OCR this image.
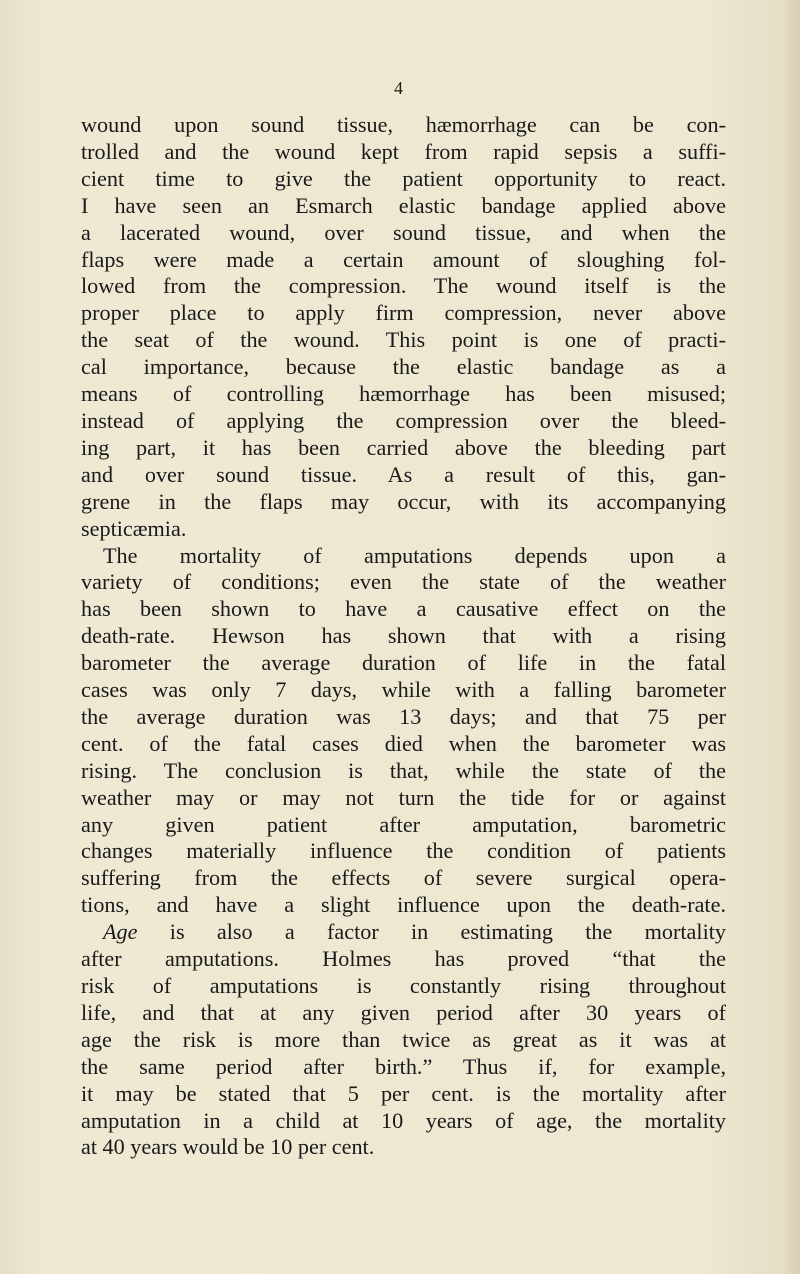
4

wound upon sound tissue, hæmorrhage can be con-
trolled and the wound kept from rapid sepsis a suffi-
cient time to give the patient opportunity to react.
I have seen an Esmarch elastic bandage applied above
a lacerated wound, over sound tissue, and when the
flaps were made a certain amount of sloughing fol-
lowed from the compression. The wound itself is the
proper place to apply firm compression, never above
the seat of the wound. This point is one of practi-
cal importance, because the elastic bandage as a
means of controlling hæmorrhage has been misused;
instead of applying the compression over the bleed-
ing part, it has been carried above the bleeding part
and over sound tissue. As a result of this, gan-
grene in the flaps may occur, with its accompanying
septicæmia.
The mortality of amputations depends upon a
variety of conditions; even the state of the weather
has been shown to have a causative effect on the
death-rate. Hewson has shown that with a rising
barometer the average duration of life in the fatal
cases was only 7 days, while with a falling barometer
the average duration was 13 days; and that 75 per
cent. of the fatal cases died when the barometer was
rising. The conclusion is that, while the state of the
weather may or may not turn the tide for or against
any given patient after amputation, barometric
changes materially influence the condition of patients
suffering from the effects of severe surgical opera-
tions, and have a slight influence upon the death-rate.
Age is also a factor in estimating the mortality
after amputations. Holmes has proved “that the
risk of amputations is constantly rising throughout
life, and that at any given period after 30 years of
age the risk is more than twice as great as it was at
the same period after birth.” Thus if, for example,
it may be stated that 5 per cent. is the mortality after
amputation in a child at 10 years of age, the mortality
at 40 years would be 10 per cent.
